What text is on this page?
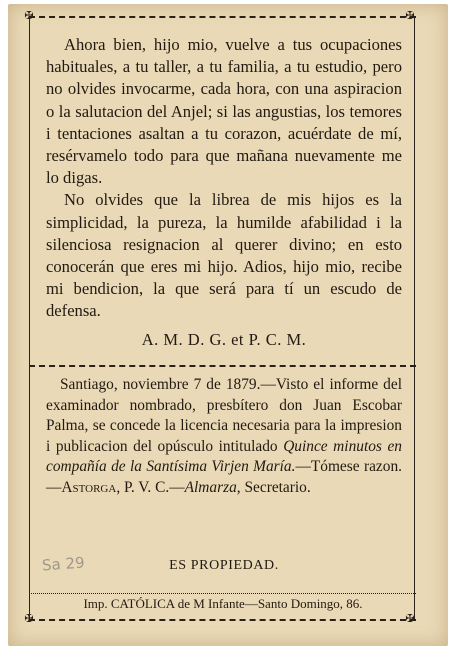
✠	✠
✠	✠

Ahora bien, hijo mio, vuelve a tus ocupaciones habituales, a tu taller, a tu familia, a tu estudio, pero no olvides invocarme, cada hora, con una aspiracion o la salutacion del Anjel; si las angustias, los temores i tentaciones asaltan a tu corazon, acuérdate de mí, resérvamelo todo para que mañana nuevamente me lo digas.

No olvides que la librea de mis hijos es la simplicidad, la pureza, la humilde afabilidad i la silenciosa resignacion al querer divino; en esto conocerán que eres mi hijo. Adios, hijo mio, recibe mi bendicion, la que será para tí un escudo de defensa.

A. M. D. G. et P. C. M.

Santiago, noviembre 7 de 1879.—Visto el informe del examinador nombrado, presbítero don Juan Escobar Palma, se concede la licencia necesaria para la impresion i publicacion del opúsculo intitulado Quince minutos en compañía de la Santísima Virjen María.—Tómese razon.—Astorga, P. V. C.—Almarza, Secretario.

Sa 29	ES PROPIEDAD.
Imp. CATÓLICA de M Infante—Santo Domingo, 86.
